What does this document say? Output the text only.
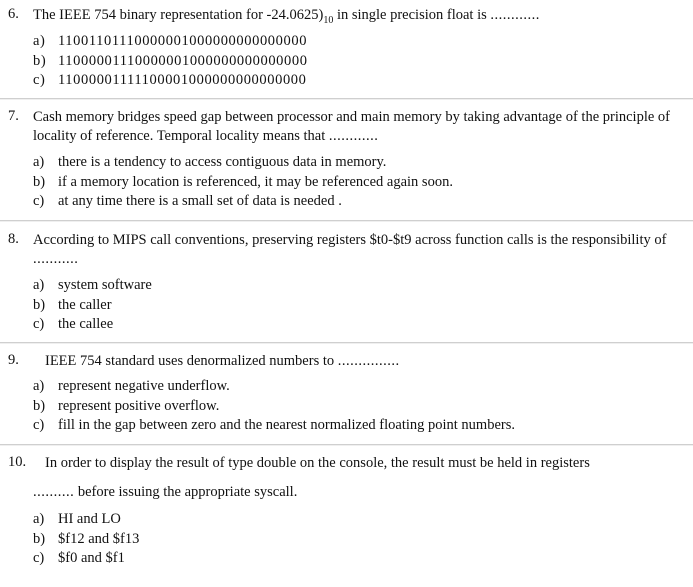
6. The IEEE 754 binary representation for $-24.0625)_{10}$ in single precision float is ............
a) 11001101110000001000000000000000
b) 11000001110000001000000000000000
c) 11000001111100001000000000000000
7. Cash memory bridges speed gap between processor and main memory by taking advantage of the principle of locality of reference. Temporal locality means that ............
a) there is a tendency to access contiguous data in memory.
b) if a memory location is referenced, it may be referenced again soon.
c) at any time there is a small set of data is needed .
8. According to MIPS call conventions, preserving registers $t0-$t9 across function calls is the responsibility of ...........
a) system software
b) the caller
c) the callee
9. IEEE 754 standard uses denormalized numbers to ...............
a) represent negative underflow.
b) represent positive overflow.
c) fill in the gap between zero and the nearest normalized floating point numbers.
10. In order to display the result of type double on the console, the result must be held in registers
.......... before issuing the appropriate syscall.
a) HI and LO
b) $f12 and $f13
c) $f0 and $f1
